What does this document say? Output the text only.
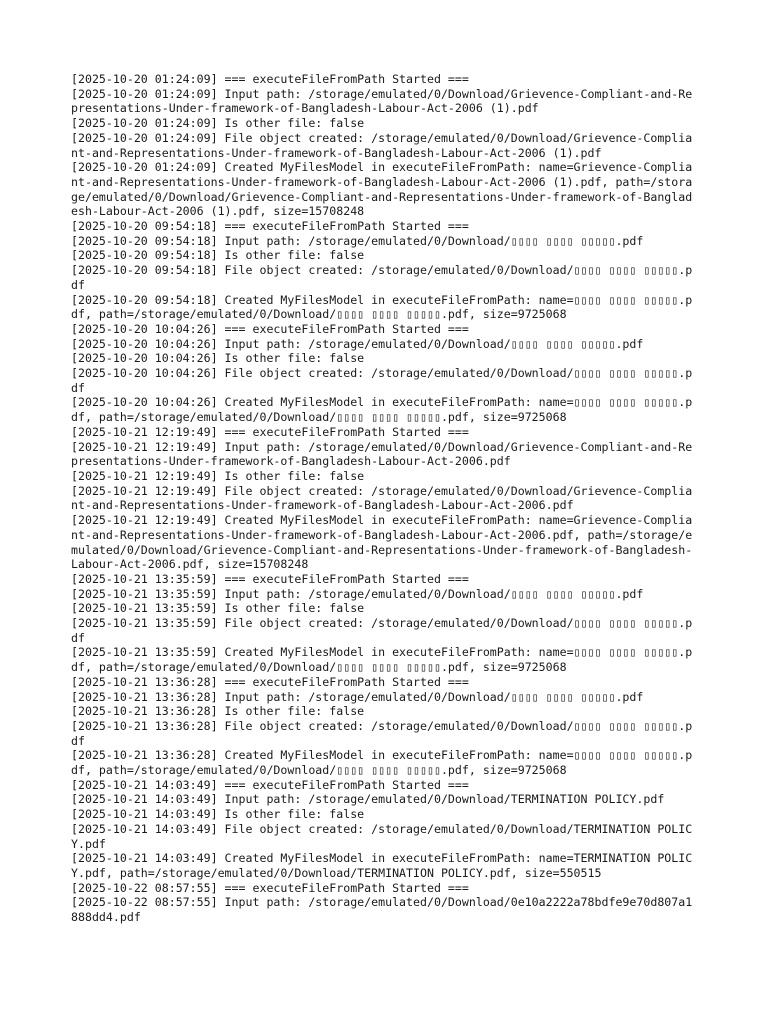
[2025-10-20 01:24:09] === executeFileFromPath Started ===
[2025-10-20 01:24:09] Input path: /storage/emulated/0/Download/Grievence-Compliant-and-Representations-Under-framework-of-Bangladesh-Labour-Act-2006 (1).pdf
[2025-10-20 01:24:09] Is other file: false
[2025-10-20 01:24:09] File object created: /storage/emulated/0/Download/Grievence-Compliant-and-Representations-Under-framework-of-Bangladesh-Labour-Act-2006 (1).pdf
[2025-10-20 01:24:09] Created MyFilesModel in executeFileFromPath: name=Grievence-Compliant-and-Representations-Under-framework-of-Bangladesh-Labour-Act-2006 (1).pdf, path=/storage/emulated/0/Download/Grievence-Compliant-and-Representations-Under-framework-of-Bangladesh-Labour-Act-2006 (1).pdf, size=15708248
[2025-10-20 09:54:18] === executeFileFromPath Started ===
[2025-10-20 09:54:18] Input path: /storage/emulated/0/Download/▯▯▯▯ ▯▯▯▯ ▯▯▯▯▯.pdf
[2025-10-20 09:54:18] Is other file: false
[2025-10-20 09:54:18] File object created: /storage/emulated/0/Download/▯▯▯▯ ▯▯▯▯ ▯▯▯▯▯.pdf
[2025-10-20 09:54:18] Created MyFilesModel in executeFileFromPath: name=▯▯▯▯ ▯▯▯▯ ▯▯▯▯▯.pdf, path=/storage/emulated/0/Download/▯▯▯▯ ▯▯▯▯ ▯▯▯▯▯.pdf, size=9725068
[2025-10-20 10:04:26] === executeFileFromPath Started ===
[2025-10-20 10:04:26] Input path: /storage/emulated/0/Download/▯▯▯▯ ▯▯▯▯ ▯▯▯▯▯.pdf
[2025-10-20 10:04:26] Is other file: false
[2025-10-20 10:04:26] File object created: /storage/emulated/0/Download/▯▯▯▯ ▯▯▯▯ ▯▯▯▯▯.pdf
[2025-10-20 10:04:26] Created MyFilesModel in executeFileFromPath: name=▯▯▯▯ ▯▯▯▯ ▯▯▯▯▯.pdf, path=/storage/emulated/0/Download/▯▯▯▯ ▯▯▯▯ ▯▯▯▯▯.pdf, size=9725068
[2025-10-21 12:19:49] === executeFileFromPath Started ===
[2025-10-21 12:19:49] Input path: /storage/emulated/0/Download/Grievence-Compliant-and-Representations-Under-framework-of-Bangladesh-Labour-Act-2006.pdf
[2025-10-21 12:19:49] Is other file: false
[2025-10-21 12:19:49] File object created: /storage/emulated/0/Download/Grievence-Compliant-and-Representations-Under-framework-of-Bangladesh-Labour-Act-2006.pdf
[2025-10-21 12:19:49] Created MyFilesModel in executeFileFromPath: name=Grievence-Compliant-and-Representations-Under-framework-of-Bangladesh-Labour-Act-2006.pdf, path=/storage/emulated/0/Download/Grievence-Compliant-and-Representations-Under-framework-of-Bangladesh-Labour-Act-2006.pdf, size=15708248
[2025-10-21 13:35:59] === executeFileFromPath Started ===
[2025-10-21 13:35:59] Input path: /storage/emulated/0/Download/▯▯▯▯ ▯▯▯▯ ▯▯▯▯▯.pdf
[2025-10-21 13:35:59] Is other file: false
[2025-10-21 13:35:59] File object created: /storage/emulated/0/Download/▯▯▯▯ ▯▯▯▯ ▯▯▯▯▯.pdf
[2025-10-21 13:35:59] Created MyFilesModel in executeFileFromPath: name=▯▯▯▯ ▯▯▯▯ ▯▯▯▯▯.pdf, path=/storage/emulated/0/Download/▯▯▯▯ ▯▯▯▯ ▯▯▯▯▯.pdf, size=9725068
[2025-10-21 13:36:28] === executeFileFromPath Started ===
[2025-10-21 13:36:28] Input path: /storage/emulated/0/Download/▯▯▯▯ ▯▯▯▯ ▯▯▯▯▯.pdf
[2025-10-21 13:36:28] Is other file: false
[2025-10-21 13:36:28] File object created: /storage/emulated/0/Download/▯▯▯▯ ▯▯▯▯ ▯▯▯▯▯.pdf
[2025-10-21 13:36:28] Created MyFilesModel in executeFileFromPath: name=▯▯▯▯ ▯▯▯▯ ▯▯▯▯▯.pdf, path=/storage/emulated/0/Download/▯▯▯▯ ▯▯▯▯ ▯▯▯▯▯.pdf, size=9725068
[2025-10-21 14:03:49] === executeFileFromPath Started ===
[2025-10-21 14:03:49] Input path: /storage/emulated/0/Download/TERMINATION POLICY.pdf
[2025-10-21 14:03:49] Is other file: false
[2025-10-21 14:03:49] File object created: /storage/emulated/0/Download/TERMINATION POLICY.pdf
[2025-10-21 14:03:49] Created MyFilesModel in executeFileFromPath: name=TERMINATION POLICY.pdf, path=/storage/emulated/0/Download/TERMINATION POLICY.pdf, size=550515
[2025-10-22 08:57:55] === executeFileFromPath Started ===
[2025-10-22 08:57:55] Input path: /storage/emulated/0/Download/0e10a2222a78bdfe9e70d807a1888dd4.pdf
